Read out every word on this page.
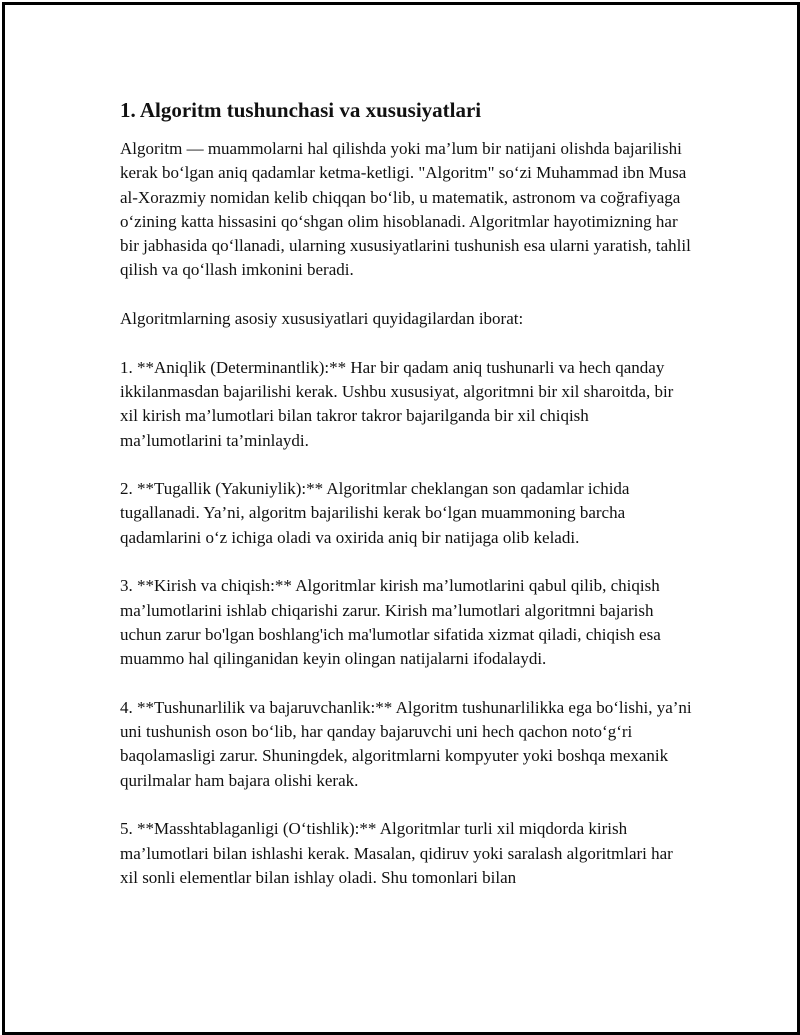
1. Algoritm tushunchasi va xususiyatlari

Algoritm — muammolarni hal qilishda yoki ma’lum bir natijani olishda bajarilishi kerak bo‘lgan aniq qadamlar ketma-ketligi. "Algoritm" so‘zi Muhammad ibn Musa al-Xorazmiy nomidan kelib chiqqan bo‘lib, u matematik, astronom va coğrafiyaga o‘zining katta hissasini qo‘shgan olim hisoblanadi. Algoritmlar hayotimizning har bir jabhasida qo‘llanadi, ularning xususiyatlarini tushunish esa ularni yaratish, tahlil qilish va qo‘llash imkonini beradi.

Algoritmlarning asosiy xususiyatlari quyidagilardan iborat:

1. **Aniqlik (Determinantlik):** Har bir qadam aniq tushunarli va hech qanday ikkilanmasdan bajarilishi kerak. Ushbu xususiyat, algoritmni bir xil sharoitda, bir xil kirish ma’lumotlari bilan takror takror bajarilganda bir xil chiqish ma’lumotlarini ta’minlaydi.

2. **Tugallik (Yakuniylik):** Algoritmlar cheklangan son qadamlar ichida tugallanadi. Ya’ni, algoritm bajarilishi kerak bo‘lgan muammoning barcha qadamlarini o‘z ichiga oladi va oxirida aniq bir natijaga olib keladi.

3. **Kirish va chiqish:** Algoritmlar kirish ma’lumotlarini qabul qilib, chiqish ma’lumotlarini ishlab chiqarishi zarur. Kirish ma’lumotlari algoritmni bajarish uchun zarur bo'lgan boshlang'ich ma'lumotlar sifatida xizmat qiladi, chiqish esa muammo hal qilinganidan keyin olingan natijalarni ifodalaydi.

4. **Tushunarlilik va bajaruvchanlik:** Algoritm tushunarlilikka ega bo‘lishi, ya’ni uni tushunish oson bo‘lib, har qanday bajaruvchi uni hech qachon noto‘g‘ri baqolamasligi zarur. Shuningdek, algoritmlarni kompyuter yoki boshqa mexanik qurilmalar ham bajara olishi kerak.

5. **Masshtablaganligi (O‘tishlik):** Algoritmlar turli xil miqdorda kirish ma’lumotlari bilan ishlashi kerak. Masalan, qidiruv yoki saralash algoritmlari har xil sonli elementlar bilan ishlay oladi. Shu tomonlari bilan
